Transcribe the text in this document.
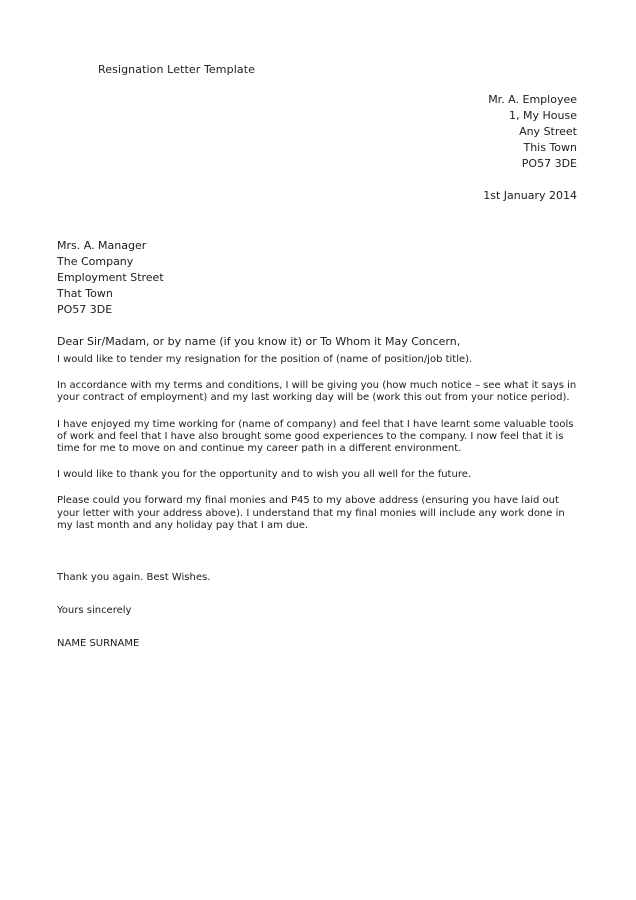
Resignation Letter Template
Mr. A. Employee
1, My House
Any Street
This Town
PO57 3DE
1st January 2014
Mrs. A. Manager
The Company
Employment Street
That Town
PO57 3DE
Dear Sir/Madam, or by name (if you know it) or To Whom it May Concern,

I would like to tender my resignation for the position of (name of position/job title).

In accordance with my terms and conditions, I will be giving you (how much notice – see what it says in your contract of employment) and my last working day will be (work this out from your notice period).

I have enjoyed my time working for (name of company) and feel that I have learnt some valuable tools of work and feel that I have also brought some good experiences to the company. I now feel that it is time for me to move on and continue my career path in a different environment.

I would like to thank you for the opportunity and to wish you all well for the future.

Please could you forward my final monies and P45 to my above address (ensuring you have laid out your letter with your address above). I understand that my final monies will include any work done in my last month and any holiday pay that I am due.

Thank you again. Best Wishes.
Yours sincerely
NAME SURNAME
